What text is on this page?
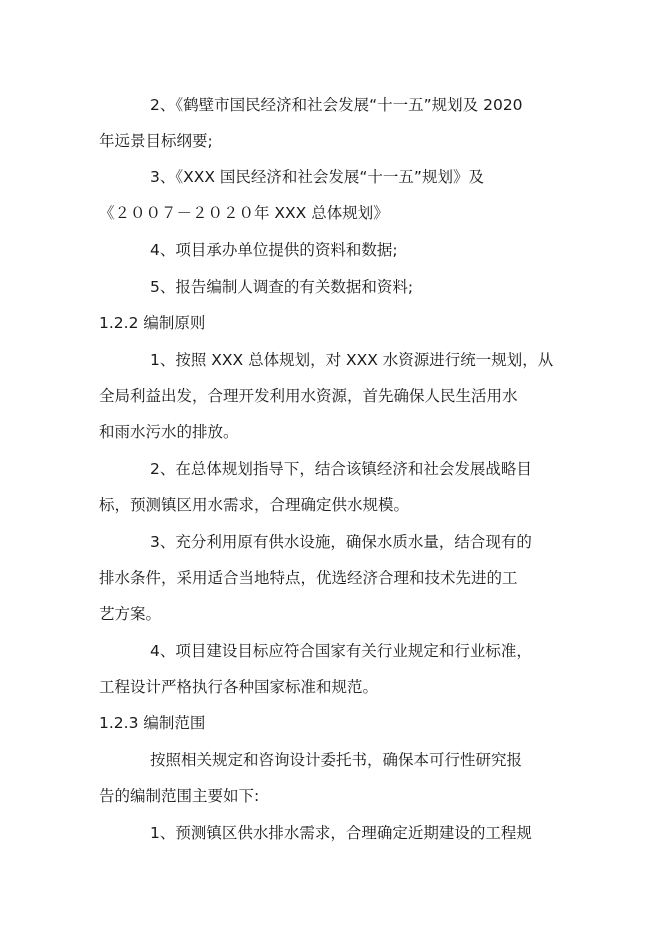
2、《鹤壁市国民经济和社会发展“十一五”规划及 2020
年远景目标纲要;
3、《XXX 国民经济和社会发展“十一五”规划》及
《２００７－２０２０年 XXX 总体规划》
4、项目承办单位提供的资料和数据;
5、报告编制人调查的有关数据和资料;
1.2.2 编制原则
1、按照 XXX 总体规划，对 XXX 水资源进行统一规划，从
全局利益出发，合理开发利用水资源，首先确保人民生活用水
和雨水污水的排放。
2、在总体规划指导下，结合该镇经济和社会发展战略目
标，预测镇区用水需求，合理确定供水规模。
3、充分利用原有供水设施，确保水质水量，结合现有的
排水条件，采用适合当地特点，优选经济合理和技术先进的工
艺方案。
4、项目建设目标应符合国家有关行业规定和行业标准，
工程设计严格执行各种国家标准和规范。
1.2.3 编制范围
按照相关规定和咨询设计委托书，确保本可行性研究报
告的编制范围主要如下:
1、预测镇区供水排水需求，合理确定近期建设的工程规
